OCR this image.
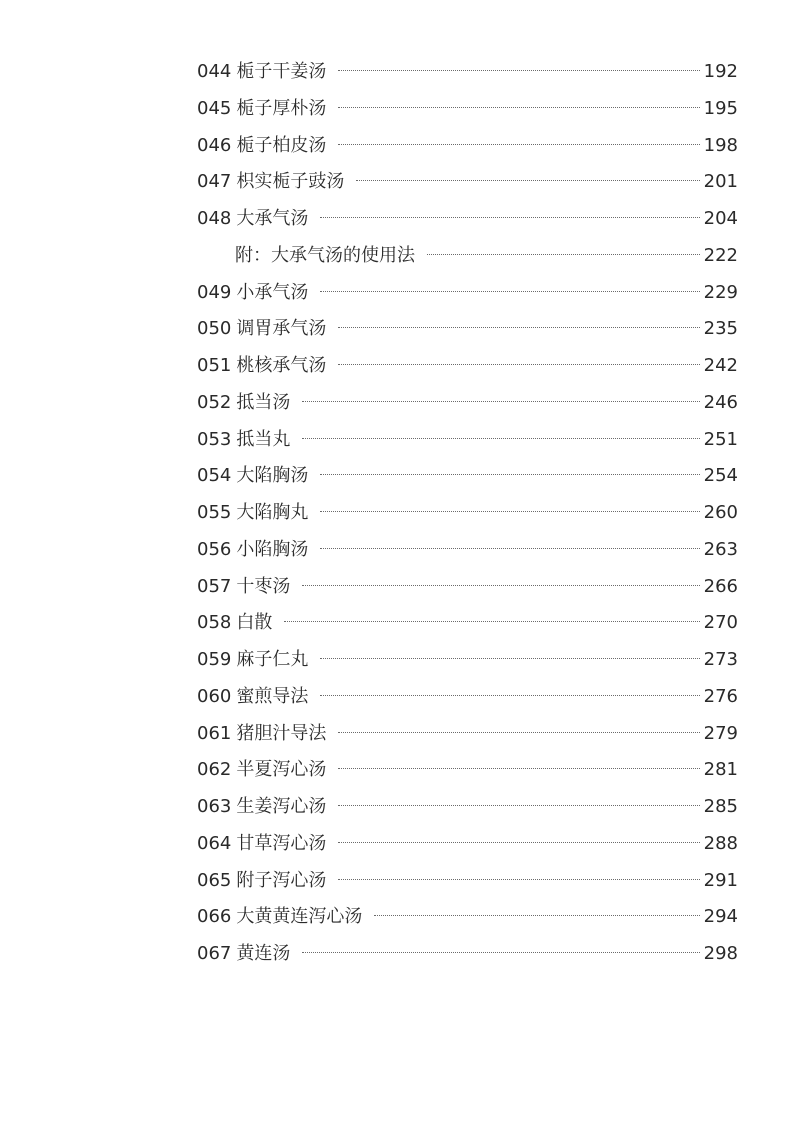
044 栀子干姜汤	192
045 栀子厚朴汤	195
046 栀子柏皮汤	198
047 枳实栀子豉汤	201
048 大承气汤	204
附：大承气汤的使用法	222
049 小承气汤	229
050 调胃承气汤	235
051 桃核承气汤	242
052 抵当汤	246
053 抵当丸	251
054 大陷胸汤	254
055 大陷胸丸	260
056 小陷胸汤	263
057 十枣汤	266
058 白散	270
059 麻子仁丸	273
060 蜜煎导法	276
061 猪胆汁导法	279
062 半夏泻心汤	281
063 生姜泻心汤	285
064 甘草泻心汤	288
065 附子泻心汤	291
066 大黄黄连泻心汤	294
067 黄连汤	298
